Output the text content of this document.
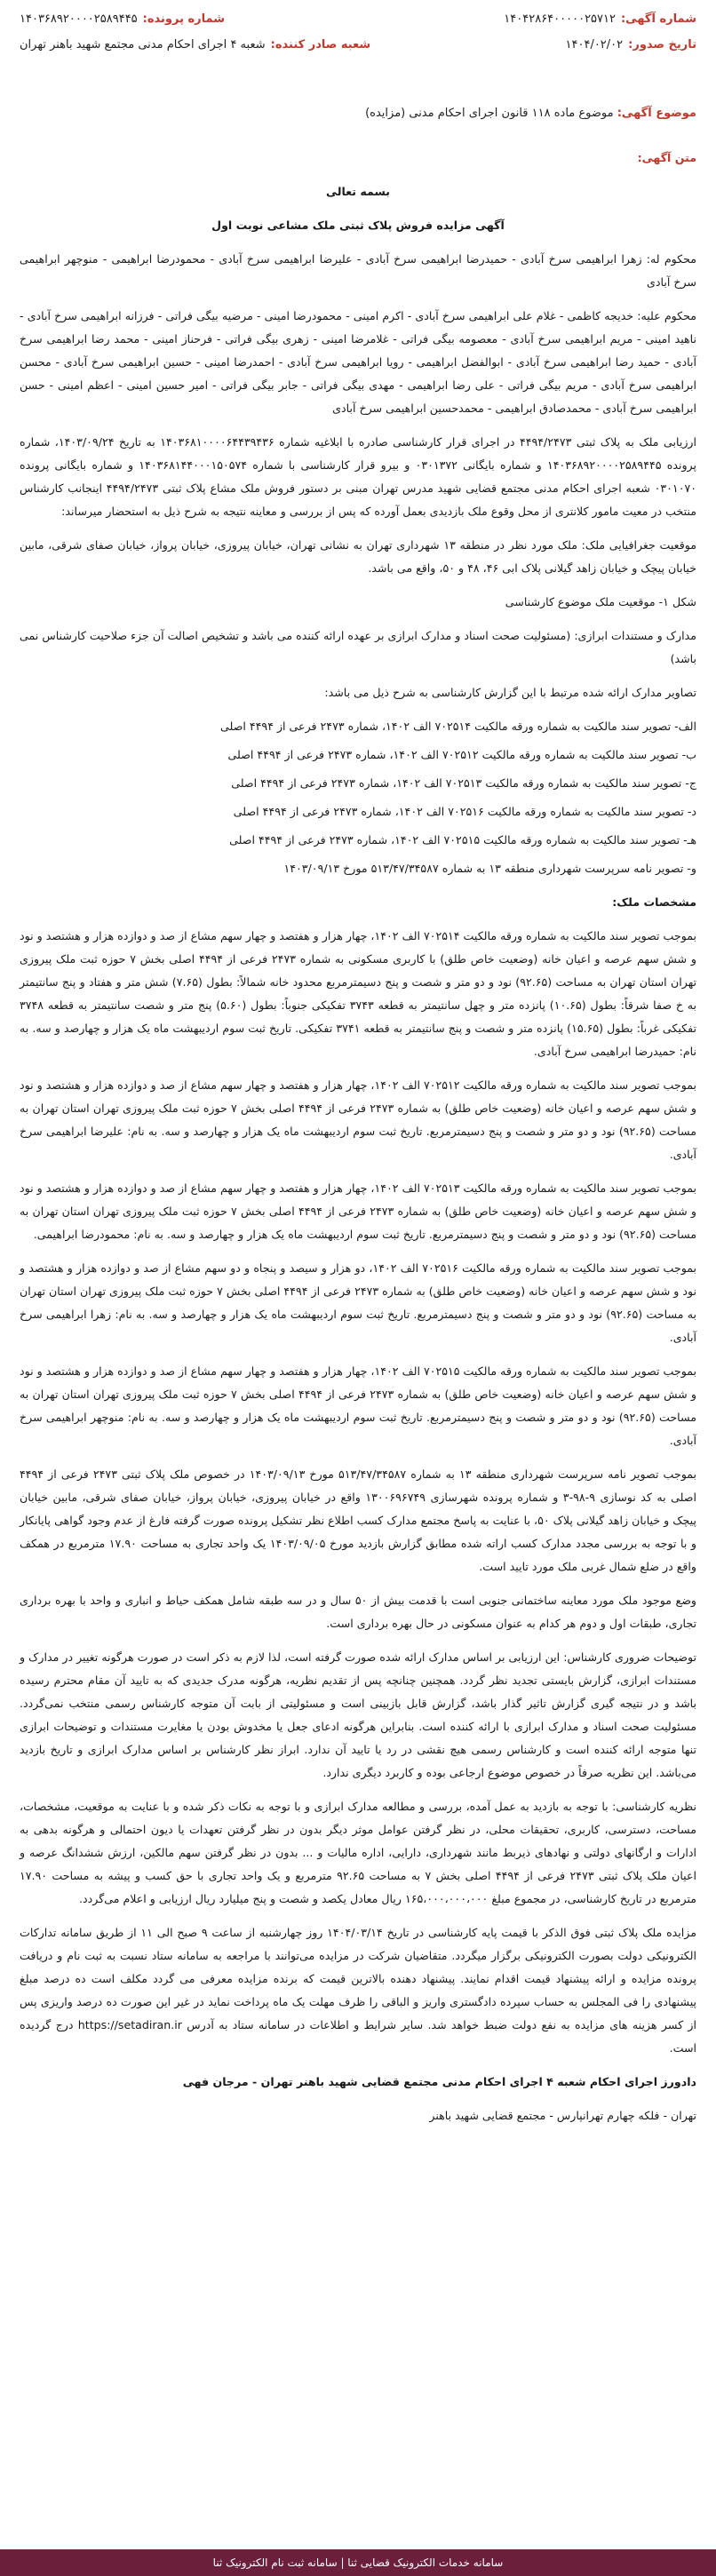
شماره آگهی:
۱۴۰۴۲۸۶۴۰۰۰۰۰۲۵۷۱۲
شماره پرونده:
۱۴۰۳۶۸۹۲۰۰۰۰۲۵۸۹۴۴۵
تاریخ صدور:
۱۴۰۴/۰۲/۰۲
شعبه صادر کننده:
شعبه ۴ اجرای احکام مدنی مجتمع شهید باهنر تهران
موضوع آگهی: موضوع ماده ۱۱۸ قانون اجرای احکام مدنی (مزایده)

متن آگهی:

بسمه تعالی

آگهی مزایده فروش پلاک ثبتی ملک مشاعی نوبت اول

محکوم له: زهرا ابراهیمی سرخ آبادی - حمیدرضا ابراهیمی سرخ آبادی - علیرضا ابراهیمی سرخ آبادی - محمودرضا ابراهیمی - منوچهر ابراهیمی سرخ آبادی

محکوم علیه: خدیجه کاظمی - غلام علی ابراهیمی سرخ آبادی - اکرم امینی - محمودرضا امینی - مرضیه بیگی فراتی - فرزانه ابراهیمی سرخ آبادی - ناهید امینی - مریم ابراهیمی سرخ آبادی - معصومه بیگی فراتی - غلامرضا امینی - زهری بیگی فراتی - فرحناز امینی - محمد رضا ابراهیمی سرخ آبادی - حمید رضا ابراهیمی سرخ آبادی - ابوالفضل ابراهیمی - رویا ابراهیمی سرخ آبادی - احمدرضا امینی - حسین ابراهیمی سرخ آبادی - محسن ابراهیمی سرخ آبادی - مریم بیگی فراتی - علی رضا ابراهیمی - مهدی بیگی فراتی - جابر بیگی فراتی - امیر حسین امینی - اعظم امینی - حسن ابراهیمی سرخ آبادی - محمدصادق ابراهیمی - محمدحسین ابراهیمی سرخ آبادی

ارزیابی ملک به پلاک ثبتی ۴۴۹۴/۲۴۷۳ در اجرای قرار کارشناسی صادره با ابلاغیه شماره ۱۴۰۳۶۸۱۰۰۰۰۶۴۴۳۹۴۳۶ به تاریخ ۱۴۰۳/۰۹/۲۴، شماره پرونده ۱۴۰۳۶۸۹۲۰۰۰۰۲۵۸۹۴۴۵ و شماره بایگانی ۰۳۰۱۳۷۲ و بیرو قرار کارشناسی با شماره ۱۴۰۳۶۸۱۴۴۰۰۰۱۵۰۵۷۴ و شماره بایگانی پرونده ۰۳۰۱۰۷۰ شعبه اجرای احکام مدنی مجتمع قضایی شهید مدرس تهران مبنی بر دستور فروش ملک مشاع پلاک ثبتی ۴۴۹۴/۲۴۷۳ اینجانب کارشناس منتخب در معیت مامور کلانتری از محل وقوع ملک بازدیدی بعمل آورده که پس از بررسی و معاینه نتیجه به شرح ذیل به استحضار میرساند:

موقعیت جغرافیایی ملک: ملک مورد نظر در منطقه ۱۳ شهرداری تهران به نشانی تهران، خیابان پیروزی، خیابان پرواز، خیابان صفای شرقی، مابین خیابان پیچک و خیابان زاهد گیلانی پلاک ابی ۴۶، ۴۸ و ۵۰، واقع می باشد.

شکل ۱- موقعیت ملک موضوع کارشناسی

مدارک و مستندات ابرازی: (مسئولیت صحت اسناد و مدارک ابرازی بر عهده ارائه کننده می باشد و تشخیص اصالت آن جزء صلاحیت کارشناس نمی باشد)

تصاویر مدارک ارائه شده مرتبط با این گزارش کارشناسی به شرح ذیل می باشد:

الف- تصویر سند مالکیت به شماره ورقه مالکیت ۷۰۲۵۱۴ الف ۱۴۰۲، شماره ۲۴۷۳ فرعی از ۴۴۹۴ اصلی
ب- تصویر سند مالکیت به شماره ورقه مالکیت ۷۰۲۵۱۲ الف ۱۴۰۲، شماره ۲۴۷۳ فرعی از ۴۴۹۴ اصلی
ج- تصویر سند مالکیت به شماره ورقه مالکیت ۷۰۲۵۱۳ الف ۱۴۰۲، شماره ۲۴۷۳ فرعی از ۴۴۹۴ اصلی
د- تصویر سند مالکیت به شماره ورقه مالکیت ۷۰۲۵۱۶ الف ۱۴۰۲، شماره ۲۴۷۳ فرعی از ۴۴۹۴ اصلی
هـ- تصویر سند مالکیت به شماره ورقه مالکیت ۷۰۲۵۱۵ الف ۱۴۰۲، شماره ۲۴۷۳ فرعی از ۴۴۹۴ اصلی
و- تصویر نامه سرپرست شهرداری منطقه ۱۳ به شماره ۵۱۳/۴۷/۳۴۵۸۷ مورخ ۱۴۰۳/۰۹/۱۳

مشخصات ملک:

بموجب تصویر سند مالکیت به شماره ورقه مالکیت ۷۰۲۵۱۴ الف ۱۴۰۲، چهار هزار و هفتصد و چهار سهم مشاع از صد و دوازده هزار و هشتصد و نود و شش سهم عرصه و اعیان خانه (وضعیت خاص طلق) با کاربری مسکونی به شماره ۲۴۷۳ فرعی از ۴۴۹۴ اصلی بخش ۷ حوزه ثبت ملک پیروزی تهران استان تهران به مساحت (۹۲.۶۵) نود و دو متر و شصت و پنج دسیمترمربع محدود خانه شمالاً: بطول (۷.۶۵) شش متر و هفتاد و پنج سانتیمتر به خ صفا شرقاً: بطول (۱۰.۶۵) پانزده متر و چهل سانتیمتر به قطعه ۳۷۴۳ تفکیکی جنوباً: بطول (۵.۶۰) پنج متر و شصت سانتیمتر به قطعه ۳۷۴۸ تفکیکی غرباً: بطول (۱۵.۶۵) پانزده متر و شصت و پنج سانتیمتر به قطعه ۳۷۴۱ تفکیکی. تاریخ ثبت سوم اردیبهشت ماه یک هزار و چهارصد و سه. به نام: حمیدرضا ابراهیمی سرخ آبادی.

بموجب تصویر سند مالکیت به شماره ورقه مالکیت ۷۰۲۵۱۲ الف ۱۴۰۲، چهار هزار و هفتصد و چهار سهم مشاع از صد و دوازده هزار و هشتصد و نود و شش سهم عرصه و اعیان خانه (وضعیت خاص طلق) به شماره ۲۴۷۳ فرعی از ۴۴۹۴ اصلی بخش ۷ حوزه ثبت ملک پیروزی تهران استان تهران به مساحت (۹۲.۶۵) نود و دو متر و شصت و پنج دسیمترمربع. تاریخ ثبت سوم اردیبهشت ماه یک هزار و چهارصد و سه. به نام: علیرضا ابراهیمی سرخ آبادی.

بموجب تصویر سند مالکیت به شماره ورقه مالکیت ۷۰۲۵۱۳ الف ۱۴۰۲، چهار هزار و هفتصد و چهار سهم مشاع از صد و دوازده هزار و هشتصد و نود و شش سهم عرصه و اعیان خانه (وضعیت خاص طلق) به شماره ۲۴۷۳ فرعی از ۴۴۹۴ اصلی بخش ۷ حوزه ثبت ملک پیروزی تهران استان تهران به مساحت (۹۲.۶۵) نود و دو متر و شصت و پنج دسیمترمربع. تاریخ ثبت سوم اردیبهشت ماه یک هزار و چهارصد و سه. به نام: محمودرضا ابراهیمی.

بموجب تصویر سند مالکیت به شماره ورقه مالکیت ۷۰۲۵۱۶ الف ۱۴۰۲، دو هزار و سیصد و پنجاه و دو سهم مشاع از صد و دوازده هزار و هشتصد و نود و شش سهم عرصه و اعیان خانه (وضعیت خاص طلق) به شماره ۲۴۷۳ فرعی از ۴۴۹۴ اصلی بخش ۷ حوزه ثبت ملک پیروزی تهران استان تهران به مساحت (۹۲.۶۵) نود و دو متر و شصت و پنج دسیمترمربع. تاریخ ثبت سوم اردیبهشت ماه یک هزار و چهارصد و سه. به نام: زهرا ابراهیمی سرخ آبادی.

بموجب تصویر سند مالکیت به شماره ورقه مالکیت ۷۰۲۵۱۵ الف ۱۴۰۲، چهار هزار و هفتصد و چهار سهم مشاع از صد و دوازده هزار و هشتصد و نود و شش سهم عرصه و اعیان خانه (وضعیت خاص طلق) به شماره ۲۴۷۳ فرعی از ۴۴۹۴ اصلی بخش ۷ حوزه ثبت ملک پیروزی تهران استان تهران به مساحت (۹۲.۶۵) نود و دو متر و شصت و پنج دسیمترمربع. تاریخ ثبت سوم اردیبهشت ماه یک هزار و چهارصد و سه. به نام: منوچهر ابراهیمی سرخ آبادی.

بموجب تصویر نامه سرپرست شهرداری منطقه ۱۳ به شماره ۵۱۳/۴۷/۳۴۵۸۷ مورخ ۱۴۰۳/۰۹/۱۳ در خصوص ملک پلاک ثبتی ۲۴۷۳ فرعی از ۴۴۹۴ اصلی به کد نوسازی ۹-۹۸-۳ و شماره پرونده شهرسازی ۱۳۰۰۶۹۶۷۴۹ واقع در خیابان پیروزی، خیابان پرواز، خیابان صفای شرقی، مابین خیابان پیچک و خیابان زاهد گیلانی پلاک ۵۰، با عنایت به پاسخ مجتمع مدارک کسب اطلاع نظر تشکیل پرونده صورت گرفته فارغ از عدم وجود گواهی پایانکار و با توجه به بررسی مجدد مدارک کسب اراته شده مطابق گزارش بازدید مورخ ۱۴۰۳/۰۹/۰۵ یک واحد تجاری به مساحت ۱۷.۹۰ مترمربع در همکف واقع در ضلع شمال غربی ملک مورد تایید است.

وضع موجود ملک مورد معاینه ساختمانی جنوبی است با قدمت بیش از ۵۰ سال و در سه طبقه شامل همکف حیاط و انباری و واحد با بهره برداری تجاری، طبقات اول و دوم هر کدام به عنوان مسکونی در حال بهره برداری است.

توضیحات ضروری کارشناس: این ارزیابی بر اساس مدارک ارائه شده صورت گرفته است، لذا لازم به ذکر است در صورت هرگونه تغییر در مدارک و مستندات ابرازی، گزارش بایستی تجدید نظر گردد. همچنین چنانچه پس از تقدیم نظریه، هرگونه مدرک جدیدی که به تایید آن مقام محترم رسیده باشد و در نتیجه گیری گزارش تاثیر گذار باشد، گزارش قابل بازبینی است و مسئولیتی از بابت آن متوجه کارشناس رسمی منتخب نمی‌گردد. مسئولیت صحت اسناد و مدارک ابرازی با ارائه کننده است. بنابراین هرگونه ادعای جعل یا مخدوش بودن یا مغایرت مستندات و توضیحات ابرازی تنها متوجه ارائه کننده است و کارشناس رسمی هیچ نقشی در رد یا تایید آن ندارد. ابراز نظر کارشناس بر اساس مدارک ابرازی و تاریخ بازدید می‌باشد. این نظریه صرفاً در خصوص موضوع ارجاعی بوده و کاربرد دیگری ندارد.

نظریه کارشناسی: با توجه به بازدید به عمل آمده، بررسی و مطالعه مدارک ابرازی و با توجه به نکات ذکر شده و با عنایت به موقعیت، مشخصات، مساحت، دسترسی، کاربری، تحقیقات محلی، در نظر گرفتن عوامل موثر دیگر بدون در نظر گرفتن تعهدات یا دیون احتمالی و هرگونه بدهی به ادارات و ارگانهای دولتی و نهادهای ذیربط مانند شهرداری، دارایی، اداره مالیات و ... بدون در نظر گرفتن سهم مالکین، ارزش ششدانگ عرصه و اعیان ملک پلاک ثبتی ۲۴۷۳ فرعی از ۴۴۹۴ اصلی بخش ۷ به مساحت ۹۲.۶۵ مترمربع و یک واحد تجاری با حق کسب و پیشه به مساحت ۱۷.۹۰ مترمربع در تاریخ کارشناسی، در مجموع مبلغ ۱۶۵،۰۰۰،۰۰۰،۰۰۰ ریال معادل یکصد و شصت و پنج میلیارد ریال ارزیابی و اعلام می‌گردد.

مزایده ملک پلاک ثبتی فوق الذکر با قیمت پایه کارشناسی در تاریخ ۱۴۰۴/۰۳/۱۴ روز چهارشنبه از ساعت ۹ صبح الی ۱۱ از طریق سامانه تدارکات الکترونیکی دولت بصورت الکترونیکی برگزار میگردد. متقاضیان شرکت در مزایده می‌توانند با مراجعه به سامانه ستاد نسبت به ثبت نام و دریافت پرونده مزایده و ارائه پیشنهاد قیمت اقدام نمایند. پیشنهاد دهنده بالاترین قیمت که برنده مزایده معرفی می گردد مکلف است ده درصد مبلغ پیشنهادی را فی المجلس به حساب سپرده دادگستری واریز و الباقی را ظرف مهلت یک ماه پرداخت نماید در غیر این صورت ده درصد واریزی پس از کسر هزینه های مزایده به نفع دولت ضبط خواهد شد. سایر شرایط و اطلاعات در سامانه ستاد به آدرس https://setadiran.ir درج گردیده است.

دادورز اجرای احکام شعبه ۴ اجرای احکام مدنی مجتمع قضایی شهید باهنر تهران - مرجان فهی

تهران - فلکه چهارم تهرانپارس - مجتمع قضایی شهید باهنر

سامانه خدمات الکترونیک قضایی ثنا | سامانه ثبت نام الکترونیک ثنا
